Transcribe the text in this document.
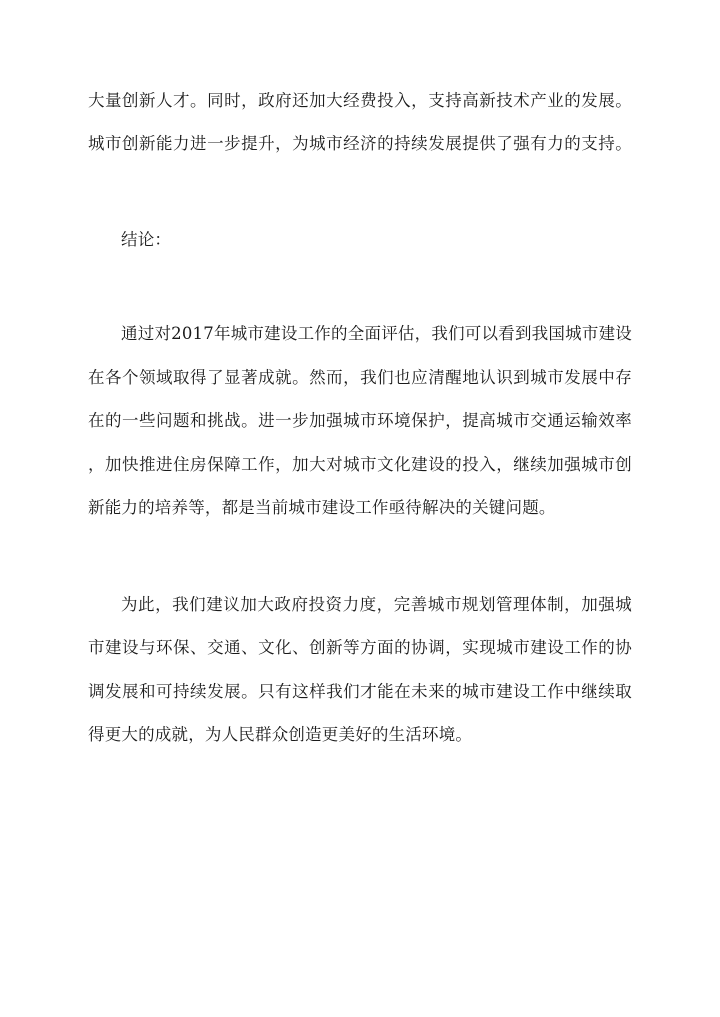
大量创新人才。同时，政府还加大经费投入，支持高新技术产业的发展。
城市创新能力进一步提升，为城市经济的持续发展提供了强有力的支持。
结论：
通过对2017年城市建设工作的全面评估，我们可以看到我国城市建设
在各个领域取得了显著成就。然而，我们也应清醒地认识到城市发展中存
在的一些问题和挑战。进一步加强城市环境保护，提高城市交通运输效率
，加快推进住房保障工作，加大对城市文化建设的投入，继续加强城市创
新能力的培养等，都是当前城市建设工作亟待解决的关键问题。
为此，我们建议加大政府投资力度，完善城市规划管理体制，加强城
市建设与环保、交通、文化、创新等方面的协调，实现城市建设工作的协
调发展和可持续发展。只有这样我们才能在未来的城市建设工作中继续取
得更大的成就，为人民群众创造更美好的生活环境。
